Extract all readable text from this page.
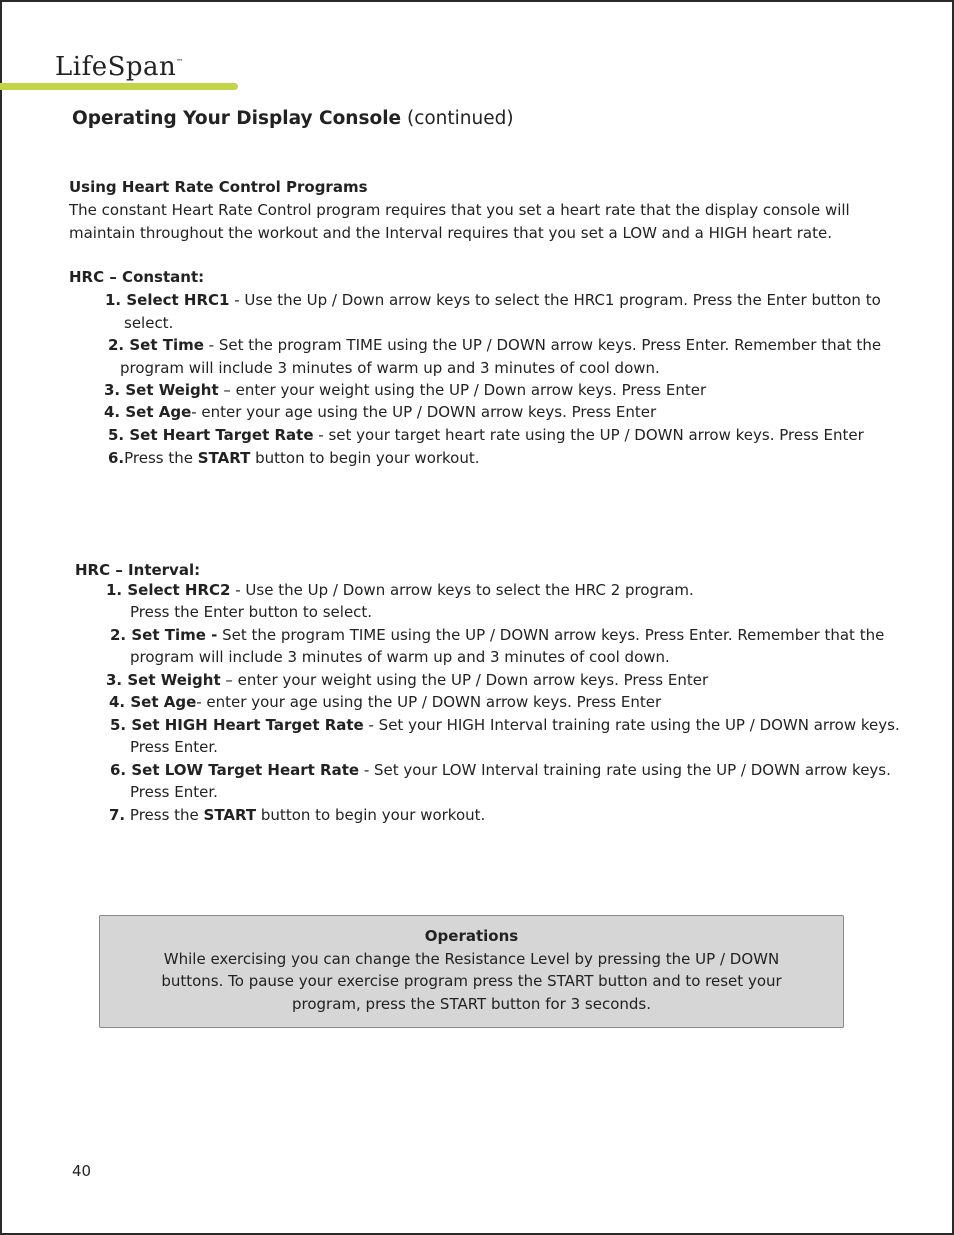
LifeSpan™
Operating Your Display Console (continued)
Using Heart Rate Control Programs
The constant Heart Rate Control program requires that you set a heart rate that the display console will
maintain throughout the workout and the Interval requires that you set a LOW and a HIGH heart rate.
HRC – Constant:
1. Select HRC1 - Use the Up / Down arrow keys to select the HRC1 program. Press the Enter button to
select.
2. Set Time - Set the program TIME using the UP / DOWN arrow keys. Press Enter. Remember that the
program will include 3 minutes of warm up and 3 minutes of cool down.
3. Set Weight – enter your weight using the UP / Down arrow keys. Press Enter
4. Set Age- enter your age using the UP / DOWN arrow keys. Press Enter
5. Set Heart Target Rate - set your target heart rate using the UP / DOWN arrow keys. Press Enter
6.Press the START button to begin your workout.
HRC – Interval:
1. Select HRC2 - Use the Up / Down arrow keys to select the HRC 2 program.
Press the Enter button to select.
2. Set Time - Set the program TIME using the UP / DOWN arrow keys. Press Enter. Remember that the
program will include 3 minutes of warm up and 3 minutes of cool down.
3. Set Weight – enter your weight using the UP / Down arrow keys. Press Enter
4. Set Age- enter your age using the UP / DOWN arrow keys. Press Enter
5. Set HIGH Heart Target Rate - Set your HIGH Interval training rate using the UP / DOWN arrow keys.
Press Enter.
6. Set LOW Target Heart Rate - Set your LOW Interval training rate using the UP / DOWN arrow keys.
Press Enter.
7. Press the START button to begin your workout.
Operations
While exercising you can change the Resistance Level by pressing the UP / DOWN
buttons. To pause your exercise program press the START button and to reset your
program, press the START button for 3 seconds.
40
